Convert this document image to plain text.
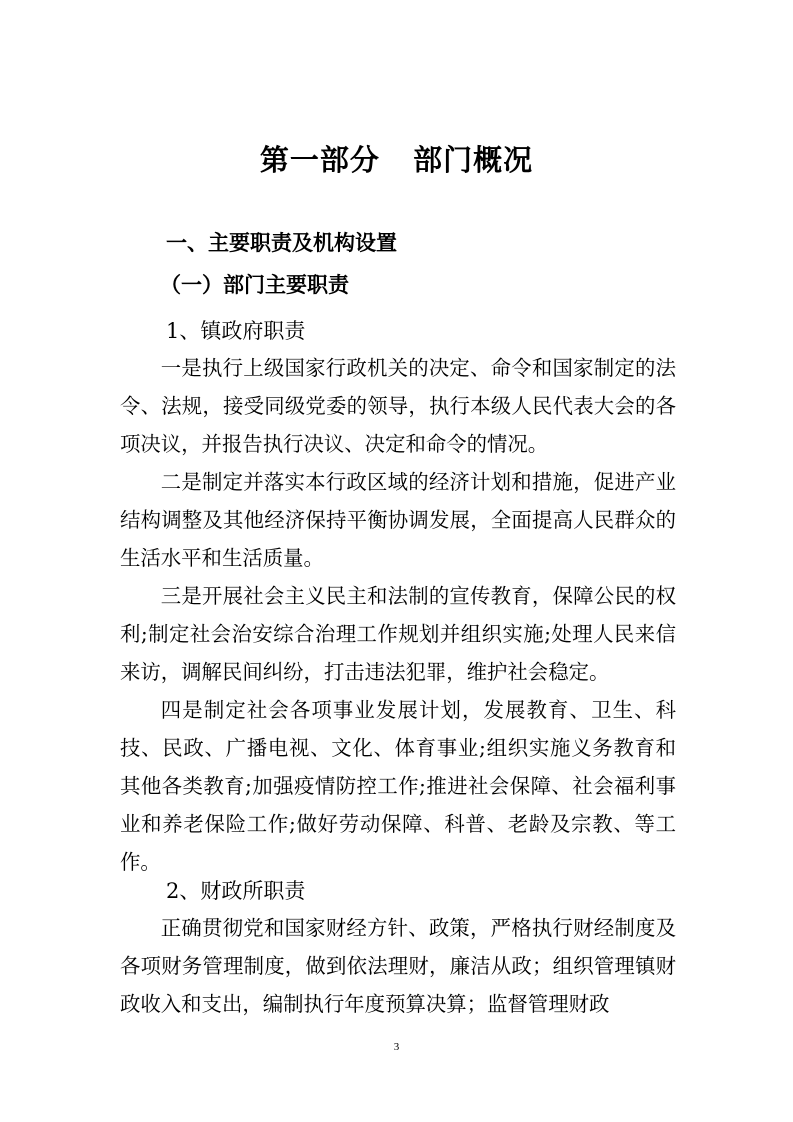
第一部分   部门概况
一、主要职责及机构设置
（一）部门主要职责
1、镇政府职责

一是执行上级国家行政机关的决定、命令和国家制定的法令、法规，接受同级党委的领导，执行本级人民代表大会的各项决议，并报告执行决议、决定和命令的情况。

二是制定并落实本行政区域的经济计划和措施，促进产业结构调整及其他经济保持平衡协调发展，全面提高人民群众的生活水平和生活质量。

三是开展社会主义民主和法制的宣传教育，保障公民的权利;制定社会治安综合治理工作规划并组织实施;处理人民来信来访，调解民间纠纷，打击违法犯罪，维护社会稳定。

四是制定社会各项事业发展计划，发展教育、卫生、科技、民政、广播电视、文化、体育事业;组织实施义务教育和其他各类教育;加强疫情防控工作;推进社会保障、社会福利事业和养老保险工作;做好劳动保障、科普、老龄及宗教、等工作。

2、财政所职责

正确贯彻党和国家财经方针、政策，严格执行财经制度及各项财务管理制度，做到依法理财，廉洁从政；组织管理镇财政收入和支出，编制执行年度预算决算；监督管理财政

3
